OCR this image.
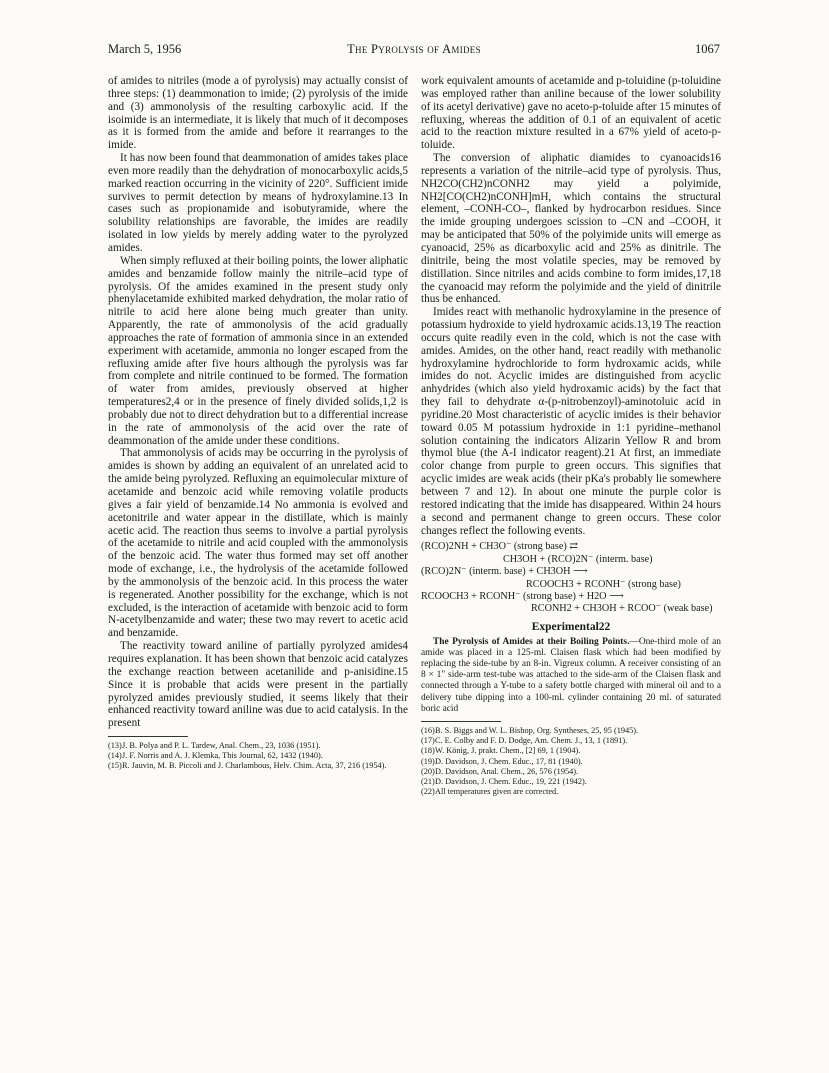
March 5, 1956	The Pyrolysis of Amides	1067

of amides to nitriles (mode a of pyrolysis) may actually consist of three steps: (1) deammonation to imide; (2) pyrolysis of the imide and (3) ammonolysis of the resulting carboxylic acid. If the isoimide is an intermediate, it is likely that much of it decomposes as it is formed from the amide and before it rearranges to the imide.

It has now been found that deammonation of amides takes place even more readily than the dehydration of monocarboxylic acids,5 marked reaction occurring in the vicinity of 220°. Sufficient imide survives to permit detection by means of hydroxylamine.13 In cases such as propionamide and isobutyramide, where the solubility relationships are favorable, the imides are readily isolated in low yields by merely adding water to the pyrolyzed amides.

When simply refluxed at their boiling points, the lower aliphatic amides and benzamide follow mainly the nitrile–acid type of pyrolysis. Of the amides examined in the present study only phenylacetamide exhibited marked dehydration, the molar ratio of nitrile to acid here alone being much greater than unity. Apparently, the rate of ammonolysis of the acid gradually approaches the rate of formation of ammonia since in an extended experiment with acetamide, ammonia no longer escaped from the refluxing amide after five hours although the pyrolysis was far from complete and nitrile continued to be formed. The formation of water from amides, previously observed at higher temperatures2,4 or in the presence of finely divided solids,1,2 is probably due not to direct dehydration but to a differential increase in the rate of ammonolysis of the acid over the rate of deammonation of the amide under these conditions.

That ammonolysis of acids may be occurring in the pyrolysis of amides is shown by adding an equivalent of an unrelated acid to the amide being pyrolyzed. Refluxing an equimolecular mixture of acetamide and benzoic acid while removing volatile products gives a fair yield of benzamide.14 No ammonia is evolved and acetonitrile and water appear in the distillate, which is mainly acetic acid. The reaction thus seems to involve a partial pyrolysis of the acetamide to nitrile and acid coupled with the ammonolysis of the benzoic acid. The water thus formed may set off another mode of exchange, i.e., the hydrolysis of the acetamide followed by the ammonolysis of the benzoic acid. In this process the water is regenerated. Another possibility for the exchange, which is not excluded, is the interaction of acetamide with benzoic acid to form N-acetylbenzamide and water; these two may revert to acetic acid and benzamide.

The reactivity toward aniline of partially pyrolyzed amides4 requires explanation. It has been shown that benzoic acid catalyzes the exchange reaction between acetanilide and p-anisidine.15 Since it is probable that acids were present in the partially pyrolyzed amides previously studied, it seems likely that their enhanced reactivity toward aniline was due to acid catalysis. In the present

(13) J. B. Polya and P. L. Tardew, Anal. Chem., 23, 1036 (1951).

(14) J. F. Norris and A. J. Klemka, This Journal, 62, 1432 (1940).

(15) R. Jauvin, M. B. Piccoli and J. Charlambous, Helv. Chim. Acta, 37, 216 (1954).

work equivalent amounts of acetamide and p-toluidine (p-toluidine was employed rather than aniline because of the lower solubility of its acetyl derivative) gave no aceto-p-toluide after 15 minutes of refluxing, whereas the addition of 0.1 of an equivalent of acetic acid to the reaction mixture resulted in a 67% yield of aceto-p-toluide.

The conversion of aliphatic diamides to cyanoacids16 represents a variation of the nitrile–acid type of pyrolysis. Thus, NH2CO(CH2)nCONH2 may yield a polyimide, NH2[CO(CH2)nCONH]mH, which contains the structural element, –CONH-CO–, flanked by hydrocarbon residues. Since the imide grouping undergoes scission to –CN and –COOH, it may be anticipated that 50% of the polyimide units will emerge as cyanoacid, 25% as dicarboxylic acid and 25% as dinitrile. The dinitrile, being the most volatile species, may be removed by distillation. Since nitriles and acids combine to form imides,17,18 the cyanoacid may reform the polyimide and the yield of dinitrile thus be enhanced.

Imides react with methanolic hydroxylamine in the presence of potassium hydroxide to yield hydroxamic acids.13,19 The reaction occurs quite readily even in the cold, which is not the case with amides. Amides, on the other hand, react readily with methanolic hydroxylamine hydrochloride to form hydroxamic acids, while imides do not. Acyclic imides are distinguished from acyclic anhydrides (which also yield hydroxamic acids) by the fact that they fail to dehydrate α-(p-nitrobenzoyl)-aminotoluic acid in pyridine.20 Most characteristic of acyclic imides is their behavior toward 0.05 M potassium hydroxide in 1:1 pyridine–methanol solution containing the indicators Alizarin Yellow R and brom thymol blue (the A-I indicator reagent).21 At first, an immediate color change from purple to green occurs. This signifies that acyclic imides are weak acids (their pKa's probably lie somewhere between 7 and 12). In about one minute the purple color is restored indicating that the imide has disappeared. Within 24 hours a second and permanent change to green occurs. These color changes reflect the following events.

(RCO)2NH + CH3O⁻ (strong base) ⇄
CH3OH + (RCO)2N⁻ (interm. base)
(RCO)2N⁻ (interm. base) + CH3OH ⟶
RCOOCH3 + RCONH⁻ (strong base)
RCOOCH3 + RCONH⁻ (strong base) + H2O ⟶
RCONH2 + CH3OH + RCOO⁻ (weak base)
Experimental22

The Pyrolysis of Amides at their Boiling Points.—One-third mole of an amide was placed in a 125-ml. Claisen flask which had been modified by replacing the side-tube by an 8-in. Vigreux column. A receiver consisting of an 8 × 1" side-arm test-tube was attached to the side-arm of the Claisen flask and connected through a Y-tube to a safety bottle charged with mineral oil and to a delivery tube dipping into a 100-ml. cylinder containing 20 ml. of saturated boric acid

(16) B. S. Biggs and W. L. Bishop, Org. Syntheses, 25, 95 (1945).

(17) C. E. Colby and F. D. Dodge, Am. Chem. J., 13, 1 (1891).

(18) W. König, J. prakt. Chem., [2] 69, 1 (1904).

(19) D. Davidson, J. Chem. Educ., 17, 81 (1940).

(20) D. Davidson, Anal. Chem., 26, 576 (1954).

(21) D. Davidson, J. Chem. Educ., 19, 221 (1942).

(22) All temperatures given are corrected.
